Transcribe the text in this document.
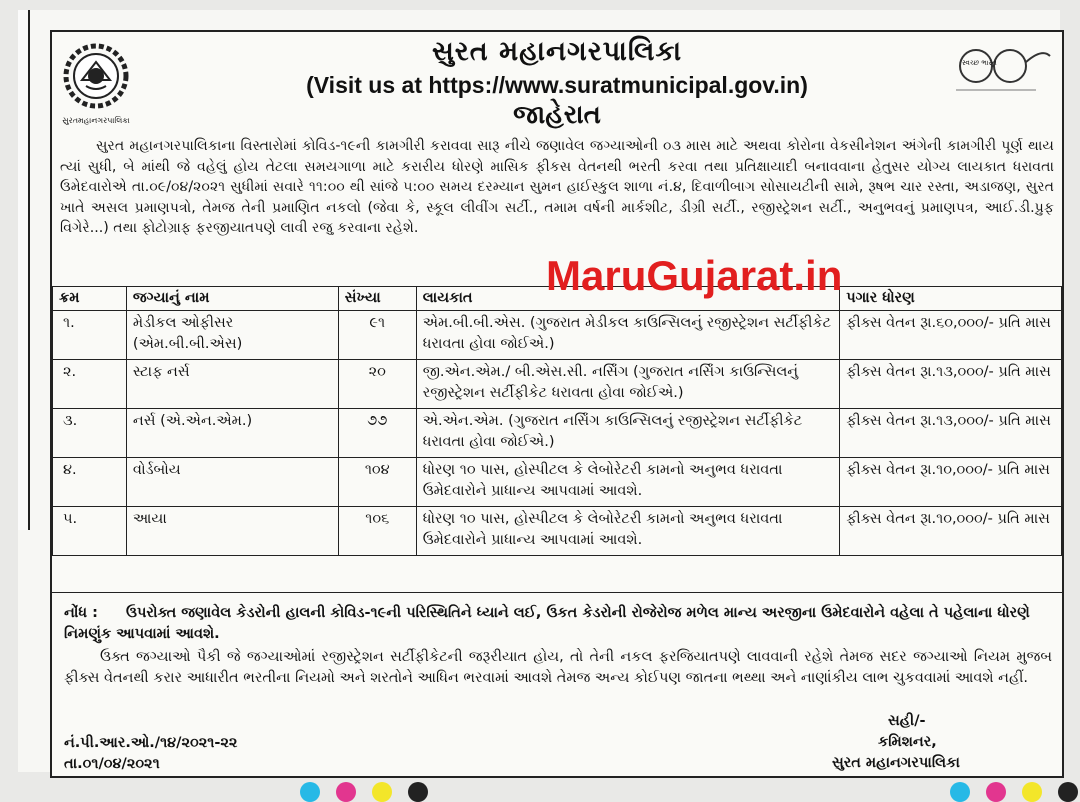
સુરતમહાનગરપાલિકા
સ્વચ્છ ભારત
સુરત મહાનગરપાલિકા
(Visit us at https://www.suratmunicipal.gov.in)
જાહેરાત
સુરત મહાનગરપાલિકાના વિસ્તારોમાં કોવિડ-૧૯ની કામગીરી કરાવવા સારૂ નીચે જણાવેલ જગ્યાઓની ૦૩ માસ માટે અથવા કોરોના વેકસીનેશન અંગેની કામગીરી પૂર્ણ થાય ત્યાં સુધી, બે માંથી જે વહેલું હોય તેટલા સમયગાળા માટે કરારીય ધોરણે માસિક ફીકસ વેતનથી ભરતી કરવા તથા પ્રતિક્ષાયાદી બનાવવાના હેતુસર યોગ્ય લાયકાત ધરાવતા ઉમેદવારોએ તા.૦૯/૦૪/૨૦૨૧ સુધીમાં સવારે ૧૧:૦૦ થી સાંજે ૫:૦૦ સમય દરમ્યાન સુમન હાઈસ્કુલ શાળા નં.૪, દિવાળીબાગ સોસાયટીની સામે, રૂષભ ચાર રસ્તા, અડાજણ, સુરત ખાતે અસલ પ્રમાણપત્રો, તેમજ તેની પ્રમાણિત નકલો (જેવા કે, સ્કૂલ લીવીંગ સર્ટી., તમામ વર્ષની માર્કશીટ, ડીગ્રી સર્ટી., રજીસ્ટ્રેશન સર્ટી., અનુભવનું પ્રમાણપત્ર, આઈ.ડી.પ્રુફ વિગેરે...) તથા ફોટોગ્રાફ ફરજીયાતપણે લાવી રજુ કરવાના રહેશે.
ક્રમ	જગ્યાનું નામ	સંખ્યા	લાયકાત	પગાર ધોરણ
૧.	મેડીકલ ઓફીસર (એમ.બી.બી.એસ)	૯૧	એમ.બી.બી.એસ. (ગુજરાત મેડીકલ કાઉન્સિલનું રજીસ્ટ્રેશન સર્ટીફીકેટ ધરાવતા હોવા જોઈએ.)	ફીક્સ વેતન રૂા.૬૦,૦૦૦/- પ્રતિ માસ
૨.	સ્ટાફ નર્સ	૨૦	જી.એન.એમ./ બી.એસ.સી. નર્સિંગ (ગુજરાત નર્સિંગ કાઉન્સિલનું રજીસ્ટ્રેશન સર્ટીફીકેટ ધરાવતા હોવા જોઈએ.)	ફીક્સ વેતન રૂા.૧૩,૦૦૦/- પ્રતિ માસ
૩.	નર્સ (એ.એન.એમ.)	૭૭	એ.એન.એમ. (ગુજરાત નર્સિંગ કાઉન્સિલનું રજીસ્ટ્રેશન સર્ટીફીકેટ ધરાવતા હોવા જોઈએ.)	ફીક્સ વેતન રૂા.૧૩,૦૦૦/- પ્રતિ માસ
૪.	વોર્ડબોય	૧૦૪	ધોરણ ૧૦ પાસ, હોસ્પીટલ કે લેબોરેટરી કામનો અનુભવ ધરાવતા ઉમેદવારોને પ્રાધાન્ય આપવામાં આવશે.	ફીક્સ વેતન રૂા.૧૦,૦૦૦/- પ્રતિ માસ
૫.	આયા	૧૦૬	ધોરણ ૧૦ પાસ, હોસ્પીટલ કે લેબોરેટરી કામનો અનુભવ ધરાવતા ઉમેદવારોને પ્રાધાન્ય આપવામાં આવશે.	ફીક્સ વેતન રૂા.૧૦,૦૦૦/- પ્રતિ માસ
MaruGujarat.in
નોંધ : ઉપરોક્ત જણાવેલ કેડરોની હાલની કોવિડ-૧૯ની પરિસ્થિતિને ધ્યાને લઈ, ઉકત કેડરોની રોજેરોજ મળેલ માન્ય અરજીના ઉમેદવારોને વહેલા તે પહેલાના ધોરણે નિમણુંક આપવામાં આવશે.
ઉક્ત જગ્યાઓ પૈકી જે જગ્યાઓમાં રજીસ્ટ્રેશન સર્ટીફીકેટની જરૂરીયાત હોય, તો તેની નકલ ફરજિયાતપણે લાવવાની રહેશે તેમજ સદર જગ્યાઓ નિયમ મુજબ ફીક્સ વેતનથી કરાર આધારીત ભરતીના નિયમો અને શરતોને આધિન ભરવામાં આવશે તેમજ અન્ય કોઈપણ જાતના ભથ્થા અને નાણાંકીય લાભ ચુકવવામાં આવશે નહીં.
નં.પી.આર.ઓ./૧૪/૨૦૨૧-૨૨
તા.૦૧/૦૪/૨૦૨૧
સહી/-
કમિશનર,
સુરત મહાનગરપાલિકા
